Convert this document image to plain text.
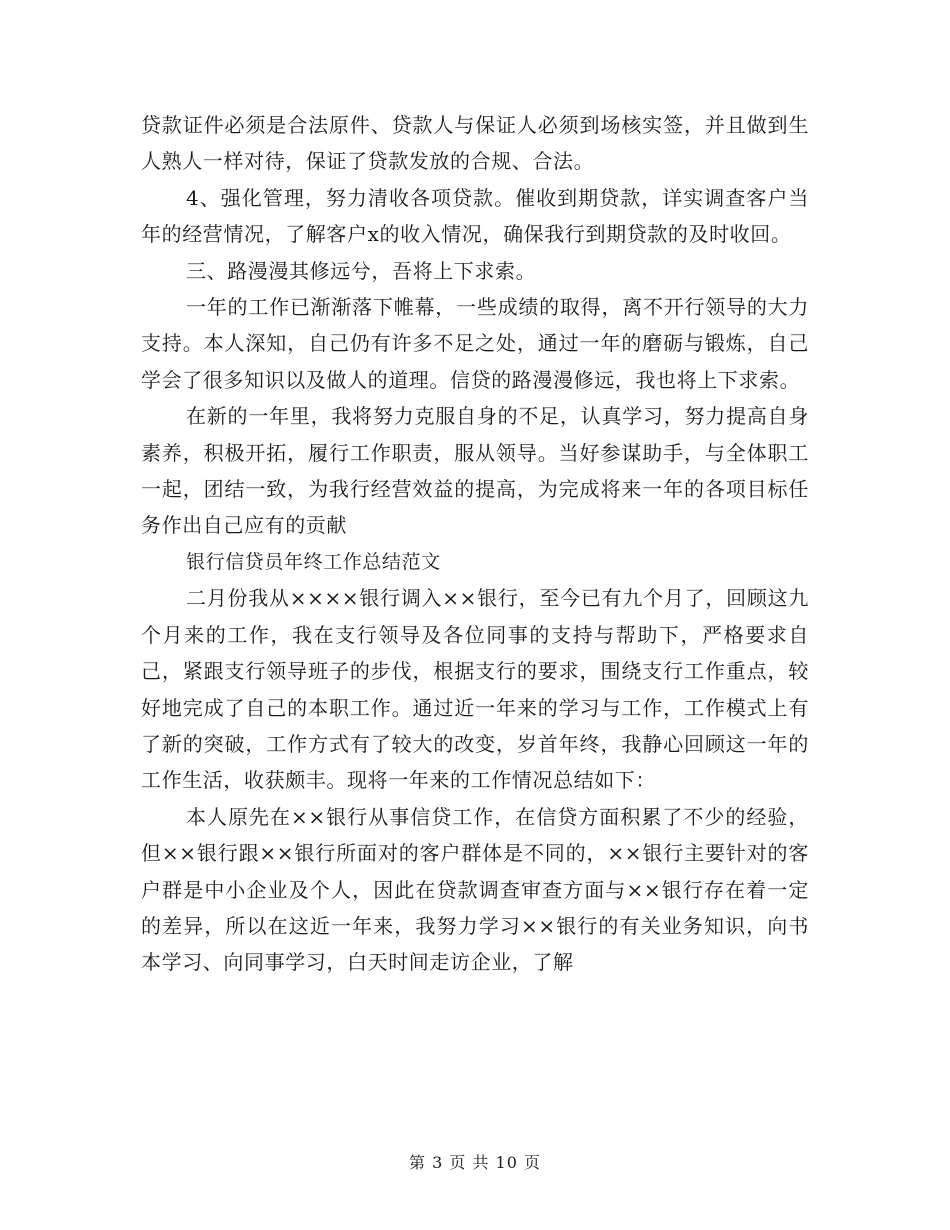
贷款证件必须是合法原件、贷款人与保证人必须到场核实签，并且做到生人熟人一样对待，保证了贷款发放的合规、合法。

4、强化管理，努力清收各项贷款。催收到期贷款，详实调查客户当年的经营情况，了解客户x的收入情况，确保我行到期贷款的及时收回。

三、路漫漫其修远兮，吾将上下求索。

一年的工作已渐渐落下帷幕，一些成绩的取得，离不开行领导的大力支持。本人深知，自己仍有许多不足之处，通过一年的磨砺与锻炼，自己学会了很多知识以及做人的道理。信贷的路漫漫修远，我也将上下求索。

在新的一年里，我将努力克服自身的不足，认真学习，努力提高自身素养，积极开拓，履行工作职责，服从领导。当好参谋助手，与全体职工一起，团结一致，为我行经营效益的提高，为完成将来一年的各项目标任务作出自己应有的贡献

银行信贷员年终工作总结范文

二月份我从××××银行调入××银行，至今已有九个月了，回顾这九个月来的工作，我在支行领导及各位同事的支持与帮助下，严格要求自己，紧跟支行领导班子的步伐，根据支行的要求，围绕支行工作重点，较好地完成了自己的本职工作。通过近一年来的学习与工作，工作模式上有了新的突破，工作方式有了较大的改变，岁首年终，我静心回顾这一年的工作生活，收获颇丰。现将一年来的工作情况总结如下：

本人原先在××银行从事信贷工作，在信贷方面积累了不少的经验，但××银行跟××银行所面对的客户群体是不同的，××银行主要针对的客户群是中小企业及个人，因此在贷款调查审查方面与××银行存在着一定的差异，所以在这近一年来，我努力学习××银行的有关业务知识，向书本学习、向同事学习，白天时间走访企业，了解

第 3 页 共 10 页
